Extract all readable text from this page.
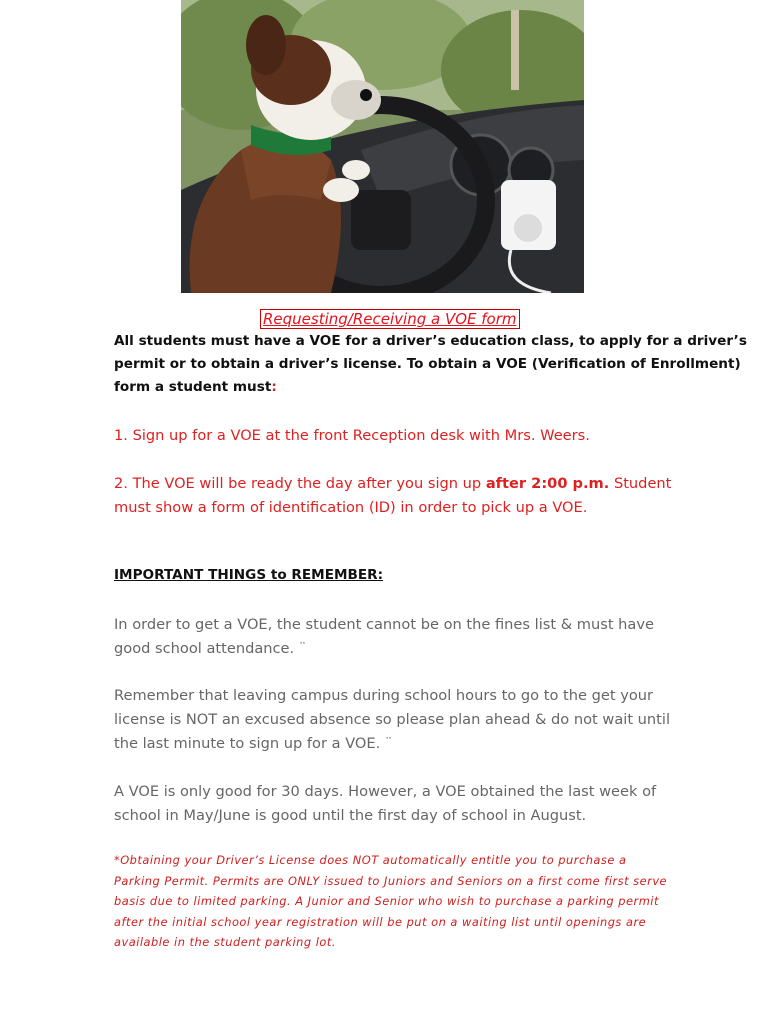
Requesting/Receiving a VOE form
All students must have a VOE for a driver’s education class, to apply for a driver’s permit or to obtain a driver’s license. To obtain a VOE (Verification of Enrollment) form a student must:
1. Sign up for a VOE at the front Reception desk with Mrs. Weers.
2. The VOE will be ready the day after you sign up after 2:00 p.m. Student must show a form of identification (ID) in order to pick up a VOE.
IMPORTANT THINGS to REMEMBER:
In order to get a VOE, the student cannot be on the fines list & must have good school attendance. ¨
Remember that leaving campus during school hours to go to the get your license is NOT an excused absence so please plan ahead & do not wait until the last minute to sign up for a VOE. ¨
A VOE is only good for 30 days. However, a VOE obtained the last week of school in May/June is good until the first day of school in August.
*Obtaining your Driver’s License does NOT automatically entitle you to purchase a Parking Permit. Permits are ONLY issued to Juniors and Seniors on a first come first serve basis due to limited parking. A Junior and Senior who wish to purchase a parking permit after the initial school year registration will be put on a waiting list until openings are available in the student parking lot.
